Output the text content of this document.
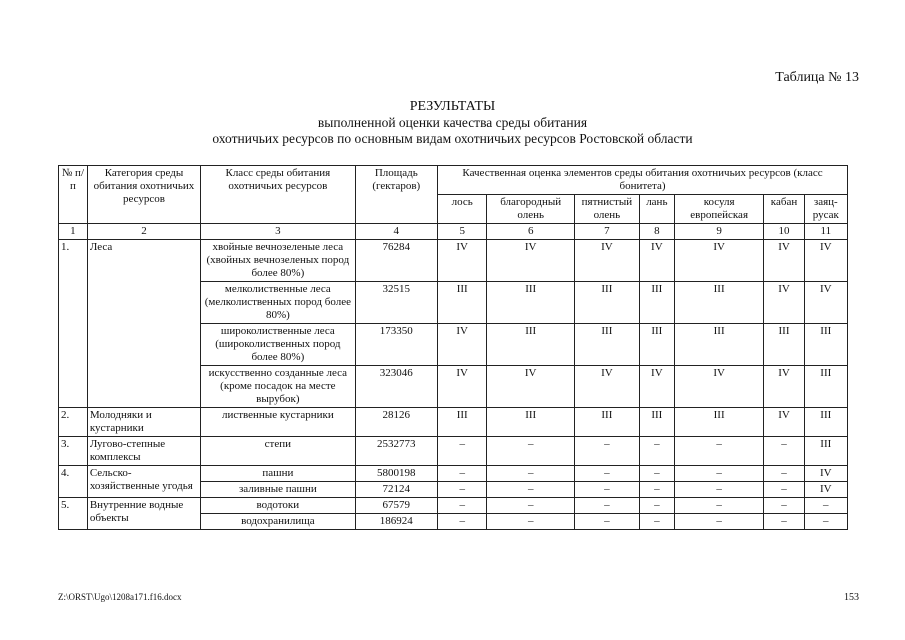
Таблица № 13
РЕЗУЛЬТАТЫ
выполненной оценки качества среды обитания
охотничьих ресурсов по основным видам охотничьих ресурсов Ростовской области
№ п/п	Категория среды обитания охотничьих ресурсов	Класс среды обитания охотничьих ресурсов	Площадь (гектаров)	Качественная оценка элементов среды обитания охотничьих ресурсов (класс бонитета)						
				лось	благородный олень	пятнистый олень	лань	косуля европейская	кабан	заяц-русак
1	2	3	4	5	6	7	8	9	10	11
1.	Леса	хвойные вечнозеленые леса (хвойных вечнозеленых пород более 80%)	76284	IV	IV	IV	IV	IV	IV	IV
		мелколиственные леса (мелколиственных пород более 80%)	32515	III	III	III	III	III	IV	IV
		широколиственные леса (широколиственных пород более 80%)	173350	IV	III	III	III	III	III	III
		искусственно созданные леса (кроме посадок на месте вырубок)	323046	IV	IV	IV	IV	IV	IV	III
2.	Молодняки и кустарники	лиственные кустарники	28126	III	III	III	III	III	IV	III
3.	Лугово-степные комплексы	степи	2532773	–	–	–	–	–	–	III
4.	Сельско-хозяйственные угодья	пашни	5800198	–	–	–	–	–	–	IV
		заливные пашни	72124	–	–	–	–	–	–	IV
5.	Внутренние водные объекты	водотоки	67579	–	–	–	–	–	–	–
		водохранилища	186924	–	–	–	–	–	–	–
Z:\ORST\Ugo\1208a171.f16.docx	153
